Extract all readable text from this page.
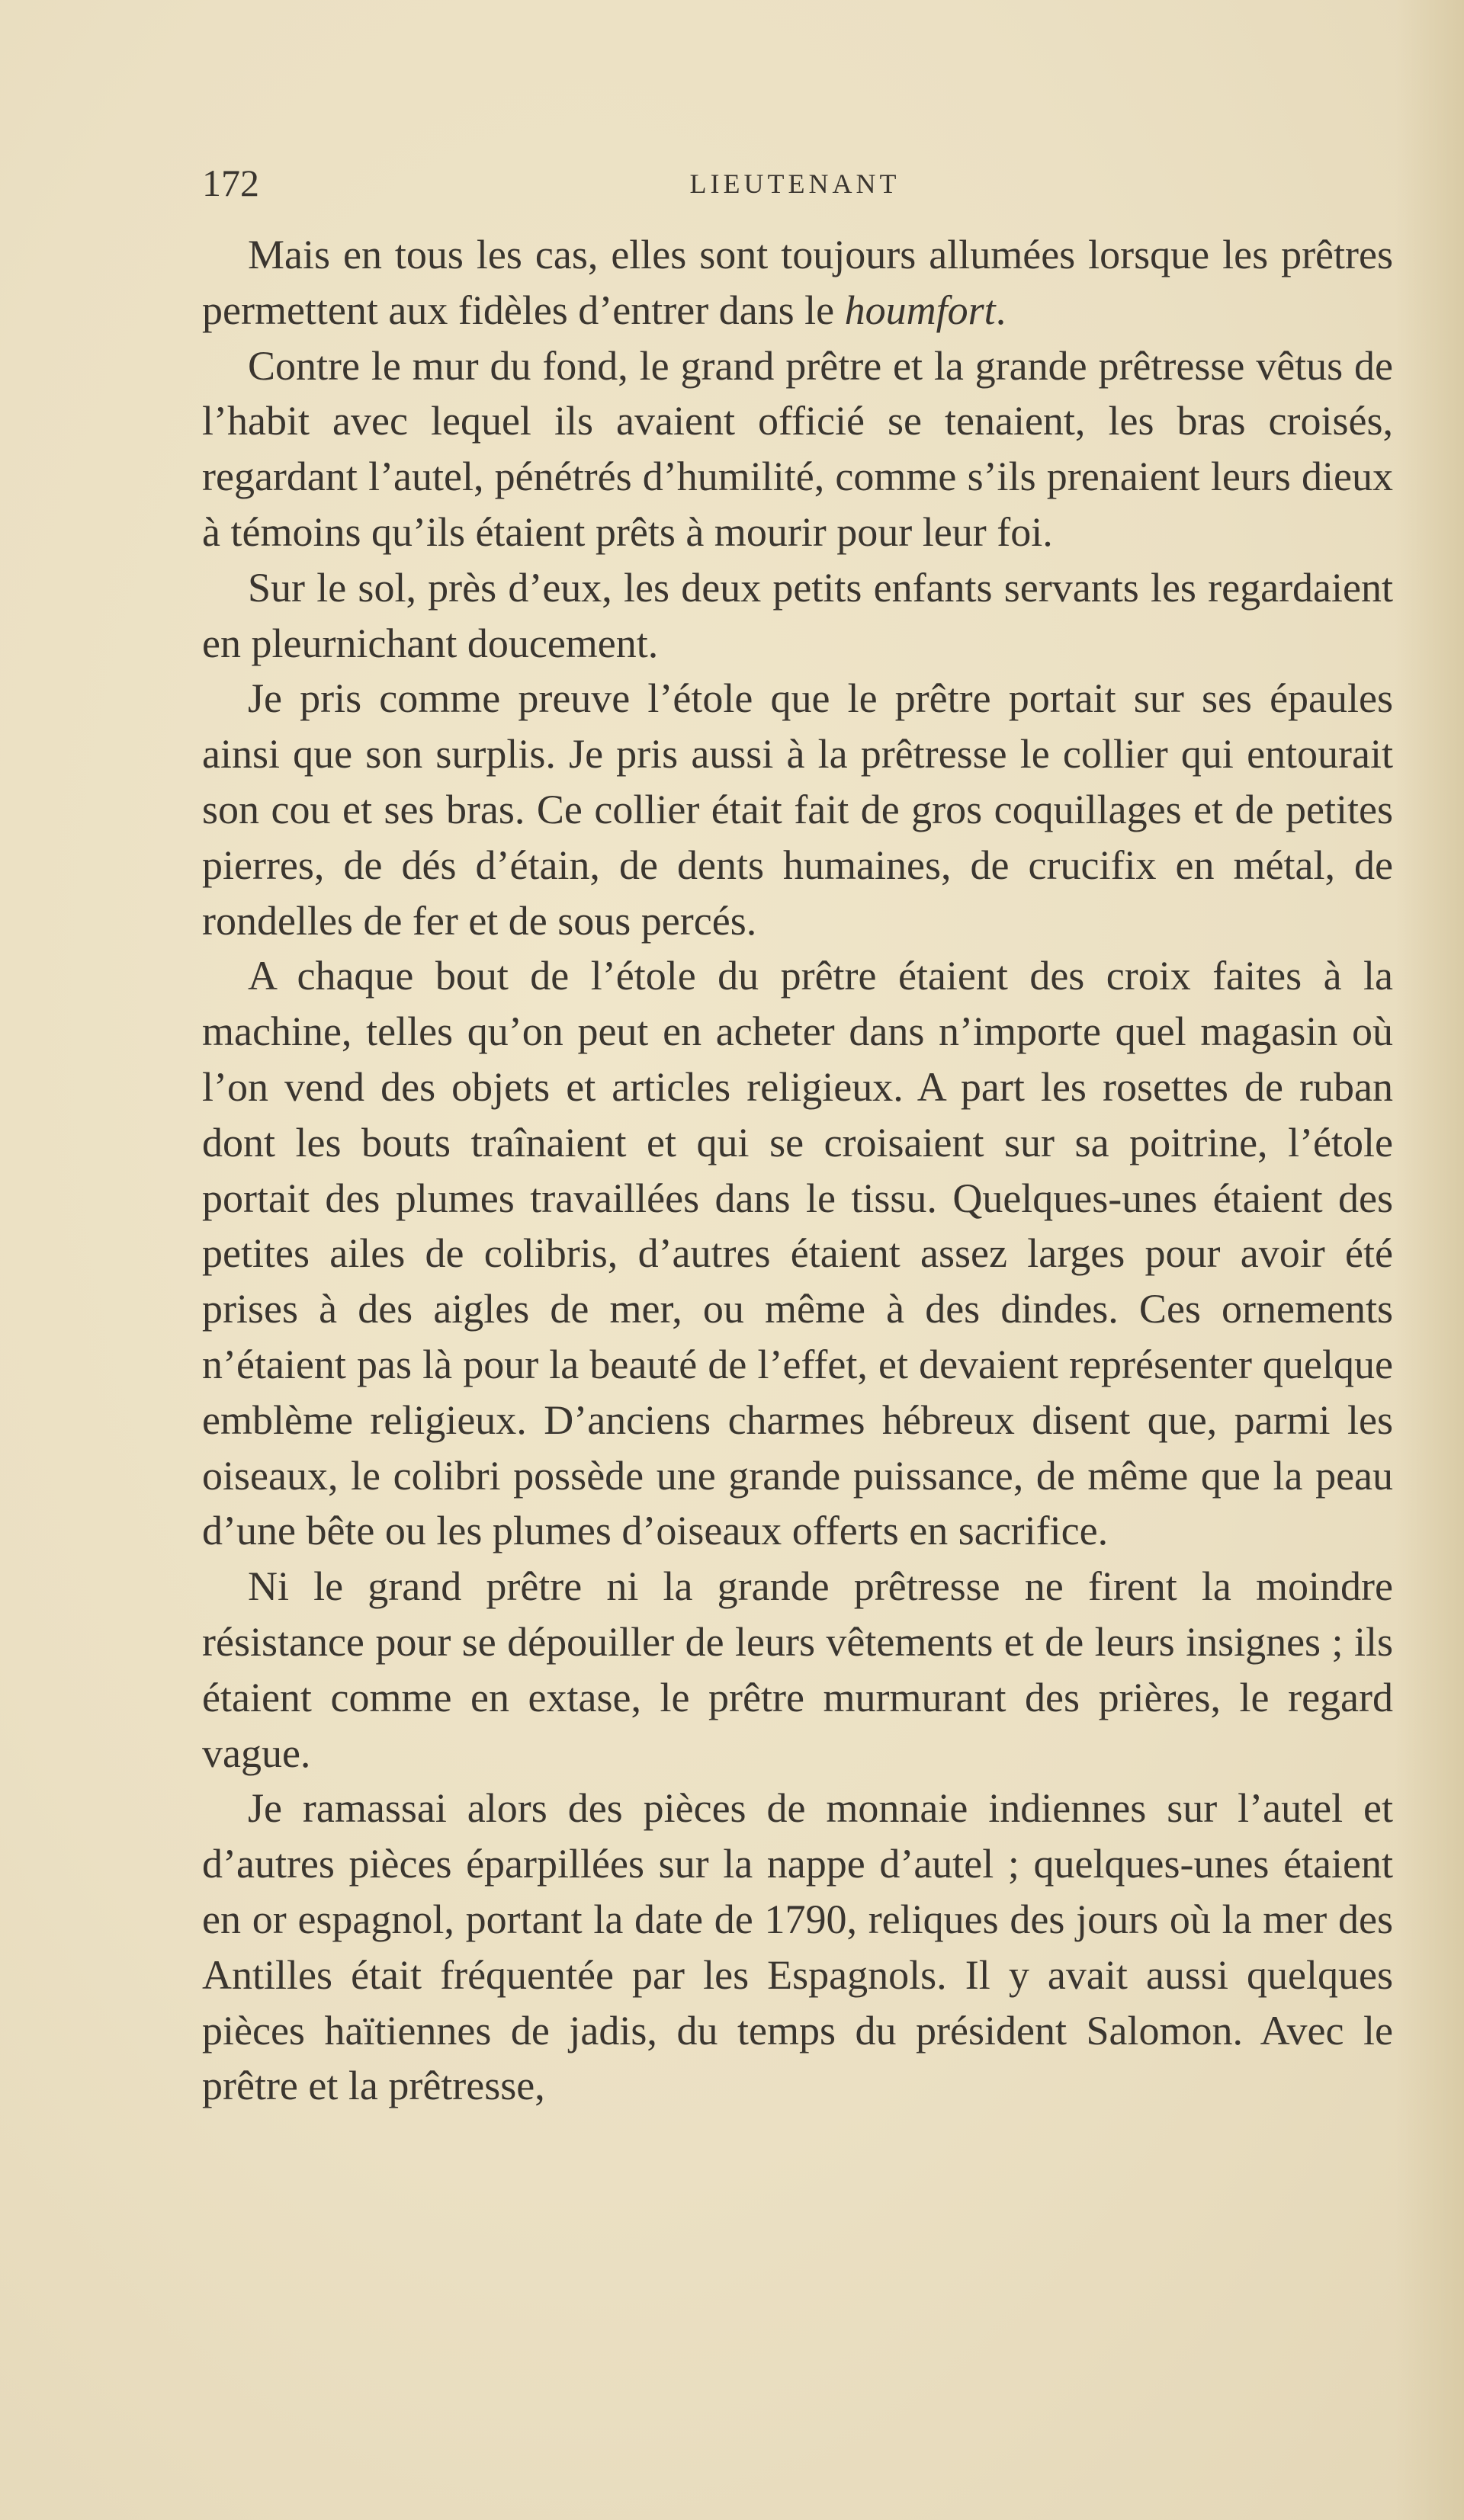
172	LIEUTENANT

Mais en tous les cas, elles sont toujours allumées lorsque les prêtres permettent aux fidèles d’entrer dans le houmfort.

Contre le mur du fond, le grand prêtre et la grande prêtresse vêtus de l’habit avec lequel ils avaient officié se tenaient, les bras croisés, regardant l’autel, pénétrés d’humilité, comme s’ils prenaient leurs dieux à témoins qu’ils étaient prêts à mourir pour leur foi.

Sur le sol, près d’eux, les deux petits enfants servants les regardaient en pleurnichant doucement.

Je pris comme preuve l’étole que le prêtre portait sur ses épaules ainsi que son surplis. Je pris aussi à la prêtresse le collier qui entourait son cou et ses bras. Ce collier était fait de gros coquillages et de petites pierres, de dés d’étain, de dents humaines, de crucifix en métal, de rondelles de fer et de sous percés.

A chaque bout de l’étole du prêtre étaient des croix faites à la machine, telles qu’on peut en acheter dans n’importe quel magasin où l’on vend des objets et articles religieux. A part les rosettes de ruban dont les bouts traînaient et qui se croisaient sur sa poitrine, l’étole portait des plumes travaillées dans le tissu. Quelques-unes étaient des petites ailes de colibris, d’autres étaient assez larges pour avoir été prises à des aigles de mer, ou même à des dindes. Ces ornements n’étaient pas là pour la beauté de l’effet, et devaient représenter quelque emblème religieux. D’anciens charmes hébreux disent que, parmi les oiseaux, le colibri possède une grande puissance, de même que la peau d’une bête ou les plumes d’oiseaux offerts en sacrifice.

Ni le grand prêtre ni la grande prêtresse ne firent la moindre résistance pour se dépouiller de leurs vêtements et de leurs insignes ; ils étaient comme en extase, le prêtre murmurant des prières, le regard vague.

Je ramassai alors des pièces de monnaie indiennes sur l’autel et d’autres pièces éparpillées sur la nappe d’autel ; quelques-unes étaient en or espagnol, portant la date de 1790, reliques des jours où la mer des Antilles était fréquentée par les Espagnols. Il y avait aussi quelques pièces haïtiennes de jadis, du temps du président Salomon. Avec le prêtre et la prêtresse,
